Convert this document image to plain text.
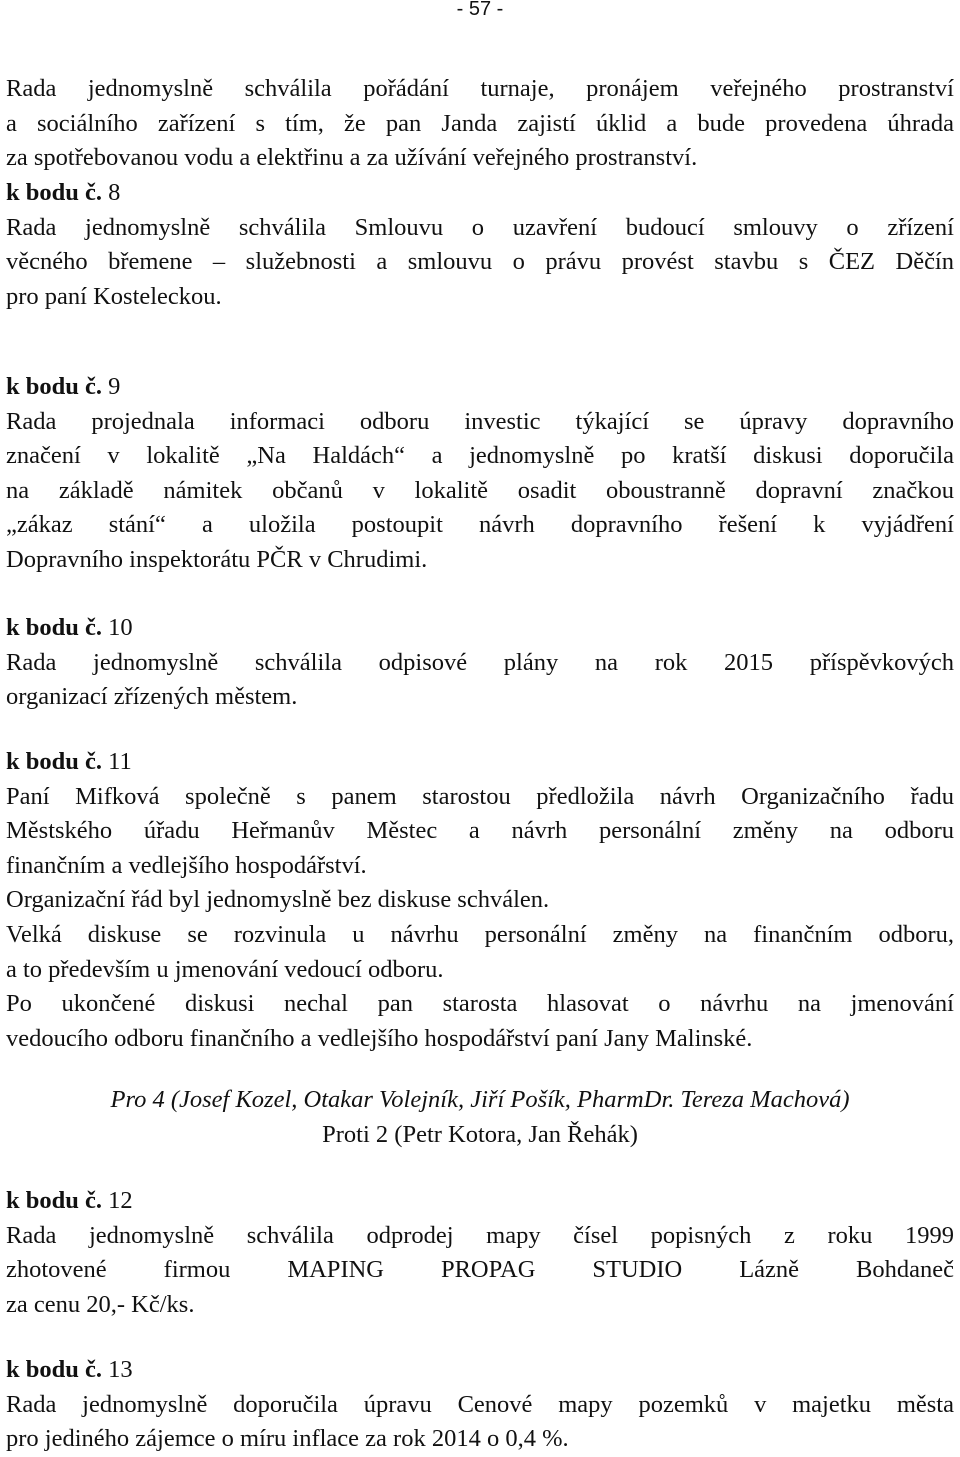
- 57 -

Rada jednomyslně schválila pořádání turnaje, pronájem veřejného prostranství

a sociálního zařízení s tím, že pan Janda zajistí úklid a bude provedena úhrada

za spotřebovanou vodu a elektřinu a za užívání veřejného prostranství.

k bodu č. 8

Rada jednomyslně schválila Smlouvu o uzavření budoucí smlouvy o zřízení

věcného břemene – služebnosti a smlouvu o právu provést stavbu s ČEZ Děčín

pro paní Kosteleckou.

k bodu č. 9

Rada projednala informaci odboru investic týkající se úpravy dopravního

značení v lokalitě „Na Haldách“ a jednomyslně po kratší diskusi doporučila

na základě námitek občanů v lokalitě osadit oboustranně dopravní značkou

„zákaz stání“ a uložila postoupit návrh dopravního řešení k vyjádření

Dopravního inspektorátu PČR v Chrudimi.

k bodu č. 10

Rada jednomyslně schválila odpisové plány na rok 2015 příspěvkových

organizací zřízených městem.

k bodu č. 11

Paní Mifková společně s panem starostou předložila návrh Organizačního řadu

Městského úřadu Heřmanův Městec a návrh personální změny na odboru

finančním a vedlejšího hospodářství.

Organizační řád byl jednomyslně bez diskuse schválen.

Velká diskuse se rozvinula u návrhu personální změny na finančním odboru,

a to především u jmenování vedoucí odboru.

Po ukončené diskusi nechal pan starosta hlasovat o návrhu na jmenování

vedoucího odboru finančního a vedlejšího hospodářství paní Jany Malinské.

Pro 4 (Josef Kozel, Otakar Volejník, Jiří Pošík, PharmDr. Tereza Machová)
Proti 2 (Petr Kotora, Jan Řehák)

k bodu č. 12

Rada jednomyslně schválila odprodej mapy čísel popisných z roku 1999

zhotovené firmou MAPING PROPAG STUDIO Lázně Bohdaneč

za cenu 20,- Kč/ks.

k bodu č. 13

Rada jednomyslně doporučila úpravu Cenové mapy pozemků v majetku města

pro jediného zájemce o míru inflace za rok 2014 o 0,4 %.
